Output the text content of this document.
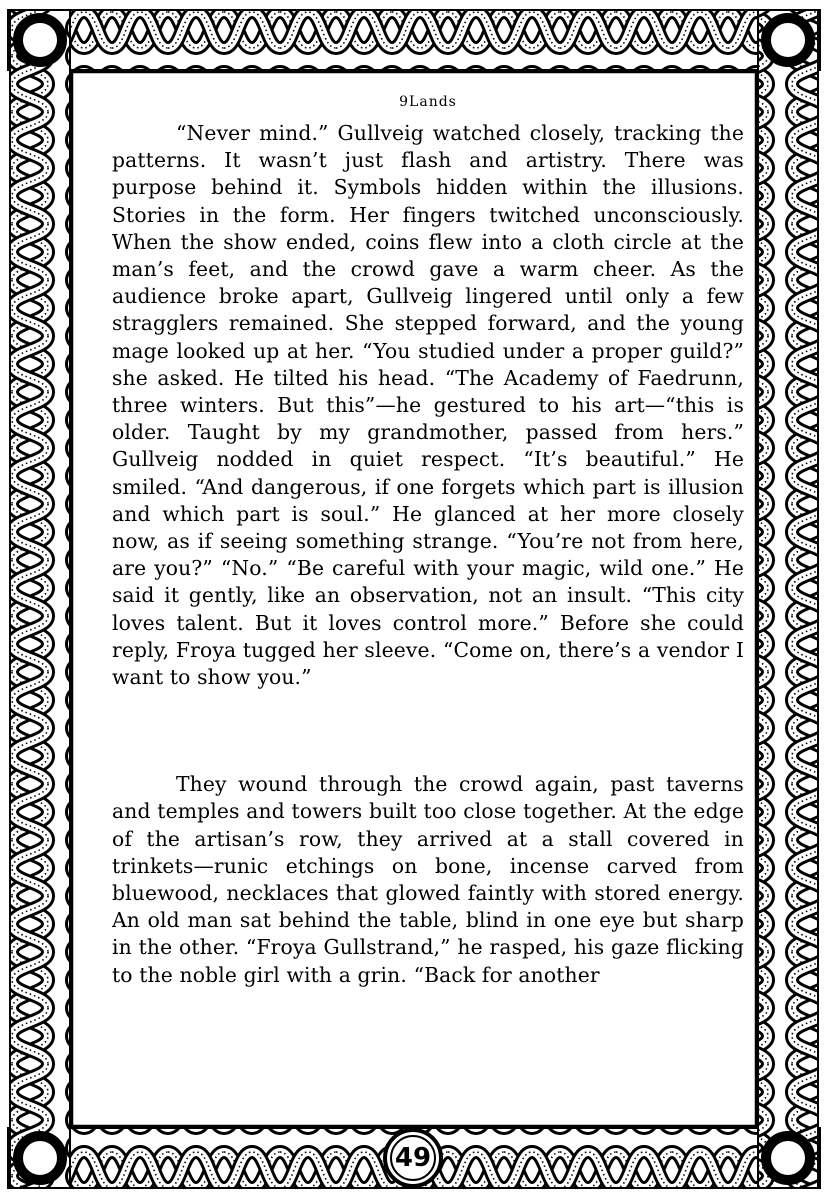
9Lands

“Never mind.” Gullveig watched closely, tracking the patterns. It wasn’t just flash and artistry. There was purpose behind it. Symbols hidden within the illusions. Stories in the form. Her fingers twitched unconsciously. When the show ended, coins flew into a cloth circle at the man’s feet, and the crowd gave a warm cheer. As the audience broke apart, Gullveig lingered until only a few stragglers remained. She stepped forward, and the young mage looked up at her. “You studied under a proper guild?” she asked. He tilted his head. “The Academy of Faedrunn, three winters. But this”—he gestured to his art—“this is older. Taught by my grandmother, passed from hers.” Gullveig nodded in quiet respect. “It’s beautiful.” He smiled. “And dangerous, if one forgets which part is illusion and which part is soul.” He glanced at her more closely now, as if seeing something strange. “You’re not from here, are you?” “No.” “Be careful with your magic, wild one.” He said it gently, like an observation, not an insult. “This city loves talent. But it loves control more.” Before she could reply, Froya tugged her sleeve. “Come on, there’s a vendor I want to show you.”

They wound through the crowd again, past taverns and temples and towers built too close together. At the edge of the artisan’s row, they arrived at a stall covered in trinkets—runic etchings on bone, incense carved from bluewood, necklaces that glowed faintly with stored energy. An old man sat behind the table, blind in one eye but sharp in the other. “Froya Gullstrand,” he rasped, his gaze flicking to the noble girl with a grin. “Back for another

49
